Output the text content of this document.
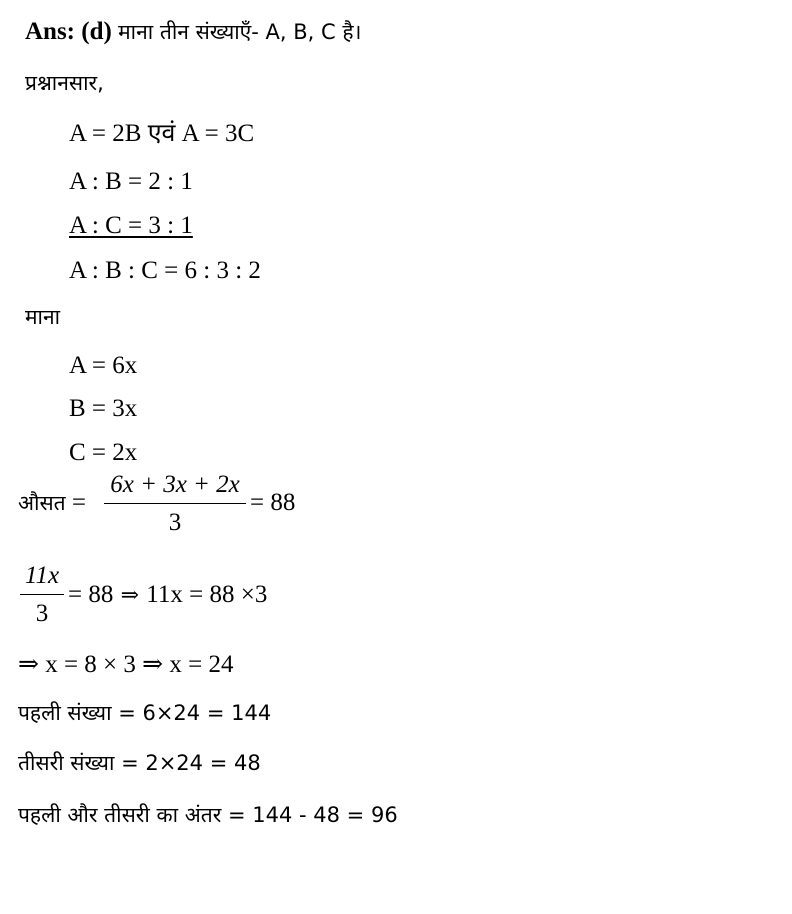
Ans: (d) माना तीन संख्याएँ- A, B, C है।
प्रश्नानसार,
A = 2B एवं A = 3C
A : B = 2 : 1
A : C = 3 : 1
A : B : C = 6 : 3 : 2
माना
A = 6x
B = 3x
C = 2x
औसत =
6x + 3x + 2x
3
= 88
11x
3
= 88 ⇒ 11x = 88 ×3
⇒ x = 8 × 3 ⇒ x = 24
पहली संख्या = 6×24 = 144
तीसरी संख्या = 2×24 = 48
पहली और तीसरी का अंतर = 144 - 48 = 96
